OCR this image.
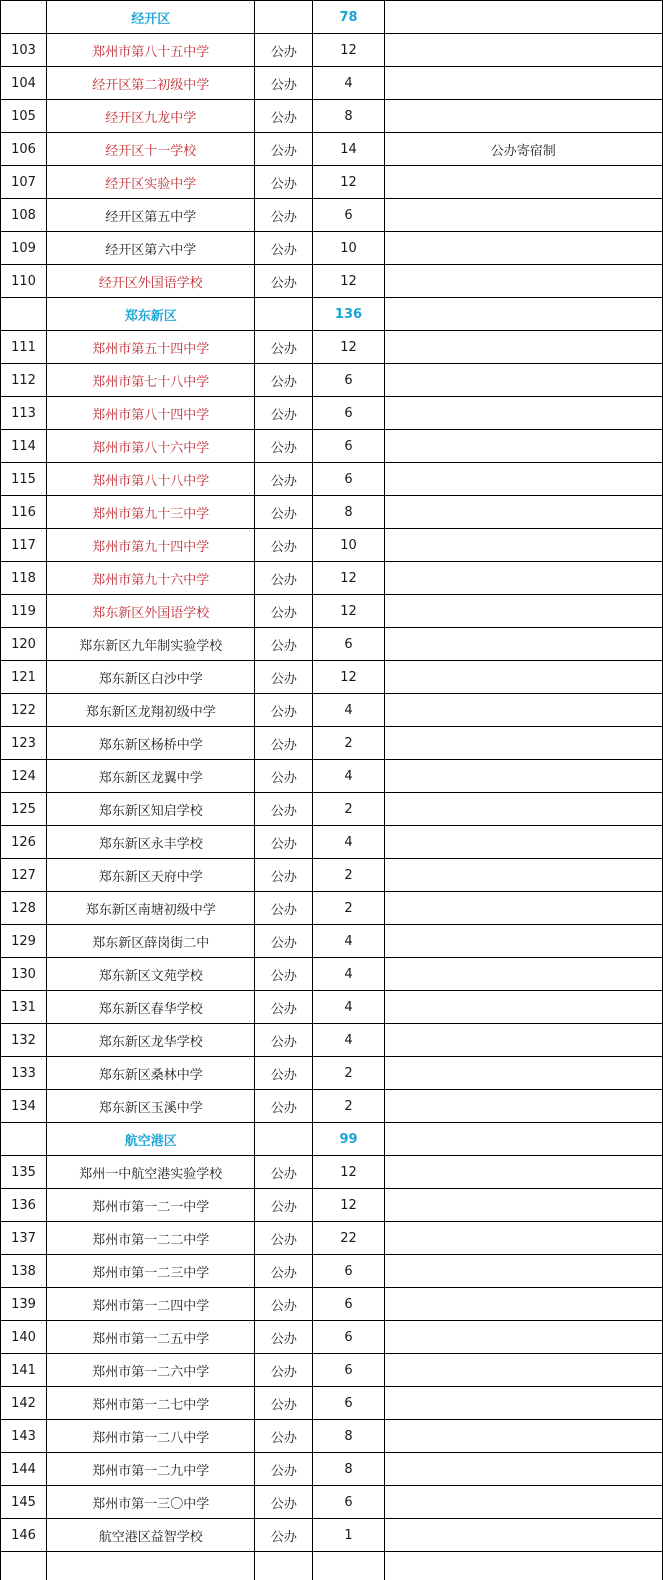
	经开区		78	
103	郑州市第八十五中学	公办	12	
104	经开区第二初级中学	公办	4	
105	经开区九龙中学	公办	8	
106	经开区十一学校	公办	14	公办寄宿制
107	经开区实验中学	公办	12	
108	经开区第五中学	公办	6	
109	经开区第六中学	公办	10	
110	经开区外国语学校	公办	12	
	郑东新区		136	
111	郑州市第五十四中学	公办	12	
112	郑州市第七十八中学	公办	6	
113	郑州市第八十四中学	公办	6	
114	郑州市第八十六中学	公办	6	
115	郑州市第八十八中学	公办	6	
116	郑州市第九十三中学	公办	8	
117	郑州市第九十四中学	公办	10	
118	郑州市第九十六中学	公办	12	
119	郑东新区外国语学校	公办	12	
120	郑东新区九年制实验学校	公办	6	
121	郑东新区白沙中学	公办	12	
122	郑东新区龙翔初级中学	公办	4	
123	郑东新区杨桥中学	公办	2	
124	郑东新区龙翼中学	公办	4	
125	郑东新区知启学校	公办	2	
126	郑东新区永丰学校	公办	4	
127	郑东新区天府中学	公办	2	
128	郑东新区南塘初级中学	公办	2	
129	郑东新区薛岗街二中	公办	4	
130	郑东新区文苑学校	公办	4	
131	郑东新区春华学校	公办	4	
132	郑东新区龙华学校	公办	4	
133	郑东新区桑林中学	公办	2	
134	郑东新区玉溪中学	公办	2	
	航空港区		99	
135	郑州一中航空港实验学校	公办	12	
136	郑州市第一二一中学	公办	12	
137	郑州市第一二二中学	公办	22	
138	郑州市第一二三中学	公办	6	
139	郑州市第一二四中学	公办	6	
140	郑州市第一二五中学	公办	6	
141	郑州市第一二六中学	公办	6	
142	郑州市第一二七中学	公办	6	
143	郑州市第一二八中学	公办	8	
144	郑州市第一二九中学	公办	8	
145	郑州市第一三〇中学	公办	6	
146	航空港区益智学校	公办	1	
